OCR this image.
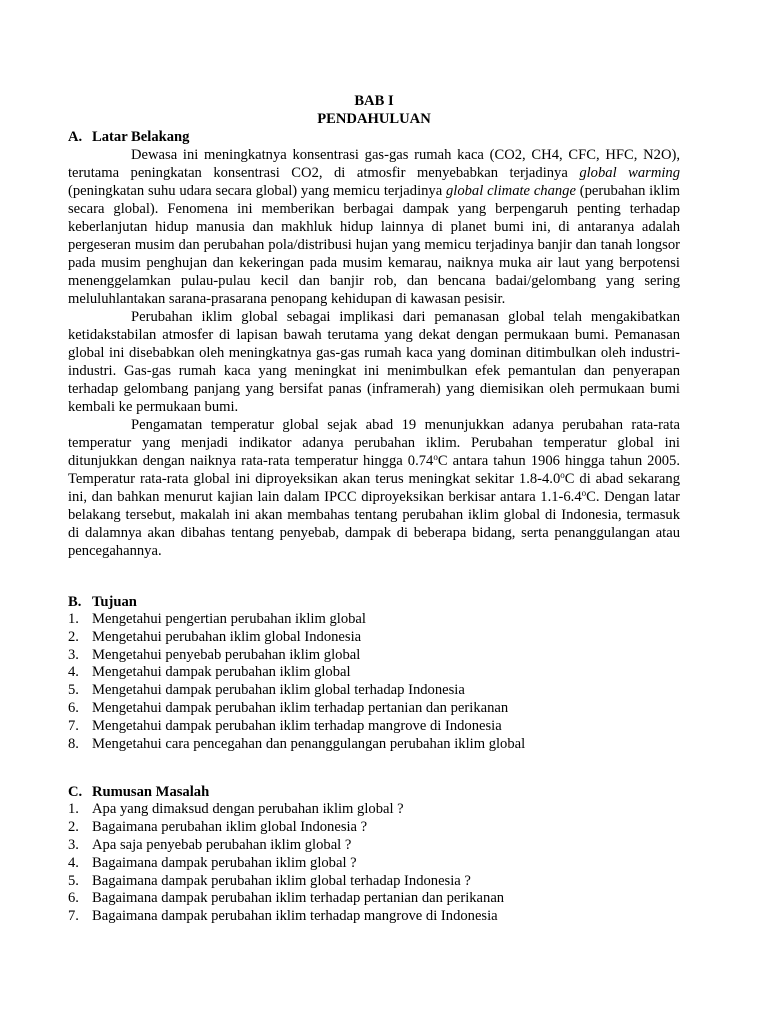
BAB I

PENDAHULUAN

A. Latar Belakang

Dewasa ini meningkatnya konsentrasi gas-gas rumah kaca (CO2, CH4, CFC, HFC, N2O), terutama peningkatan konsentrasi CO2, di atmosfir menyebabkan terjadinya global warming (peningkatan suhu udara secara global) yang memicu terjadinya global climate change (perubahan iklim secara global). Fenomena ini memberikan berbagai dampak yang berpengaruh penting terhadap keberlanjutan hidup manusia dan makhluk hidup lainnya di planet bumi ini, di antaranya adalah pergeseran musim dan perubahan pola/distribusi hujan yang memicu terjadinya banjir dan tanah longsor pada musim penghujan dan kekeringan pada musim kemarau, naiknya muka air laut yang berpotensi menenggelamkan pulau-pulau kecil dan banjir rob, dan bencana badai/gelombang yang sering meluluhlantakan sarana-prasarana penopang kehidupan di kawasan pesisir.

Perubahan iklim global sebagai implikasi dari pemanasan global telah mengakibatkan ketidakstabilan atmosfer di lapisan bawah terutama yang dekat dengan permukaan bumi. Pemanasan global ini disebabkan oleh meningkatnya gas-gas rumah kaca yang dominan ditimbulkan oleh industri-industri. Gas-gas rumah kaca yang meningkat ini menimbulkan efek pemantulan dan penyerapan terhadap gelombang panjang yang bersifat panas (inframerah) yang diemisikan oleh permukaan bumi kembali ke permukaan bumi.

Pengamatan temperatur global sejak abad 19 menunjukkan adanya perubahan rata-rata temperatur yang menjadi indikator adanya perubahan iklim. Perubahan temperatur global ini ditunjukkan dengan naiknya rata-rata temperatur hingga 0.74$^o$C antara tahun 1906 hingga tahun 2005. Temperatur rata-rata global ini diproyeksikan akan terus meningkat sekitar 1.8-4.0$^o$C di abad sekarang ini, dan bahkan menurut kajian lain dalam IPCC diproyeksikan berkisar antara 1.1-6.4$^o$C. Dengan latar belakang tersebut, makalah ini akan membahas tentang perubahan iklim global di Indonesia, termasuk di dalamnya akan dibahas tentang penyebab, dampak di beberapa bidang, serta penanggulangan atau pencegahannya.

B. Tujuan
1. Mengetahui pengertian perubahan iklim global
2. Mengetahui perubahan iklim global Indonesia
3. Mengetahui penyebab perubahan iklim global
4. Mengetahui dampak perubahan iklim global
5. Mengetahui dampak perubahan iklim global terhadap Indonesia
6. Mengetahui dampak perubahan iklim terhadap pertanian dan perikanan
7. Mengetahui dampak perubahan iklim terhadap mangrove di Indonesia
8. Mengetahui cara pencegahan dan penanggulangan perubahan iklim global
C. Rumusan Masalah
1. Apa yang dimaksud dengan perubahan iklim global ?
2. Bagaimana perubahan iklim global Indonesia ?
3. Apa saja penyebab perubahan iklim global ?
4. Bagaimana dampak perubahan iklim global ?
5. Bagaimana dampak perubahan iklim global terhadap Indonesia ?
6. Bagaimana dampak perubahan iklim terhadap pertanian dan perikanan
7. Bagaimana dampak perubahan iklim terhadap mangrove di Indonesia
